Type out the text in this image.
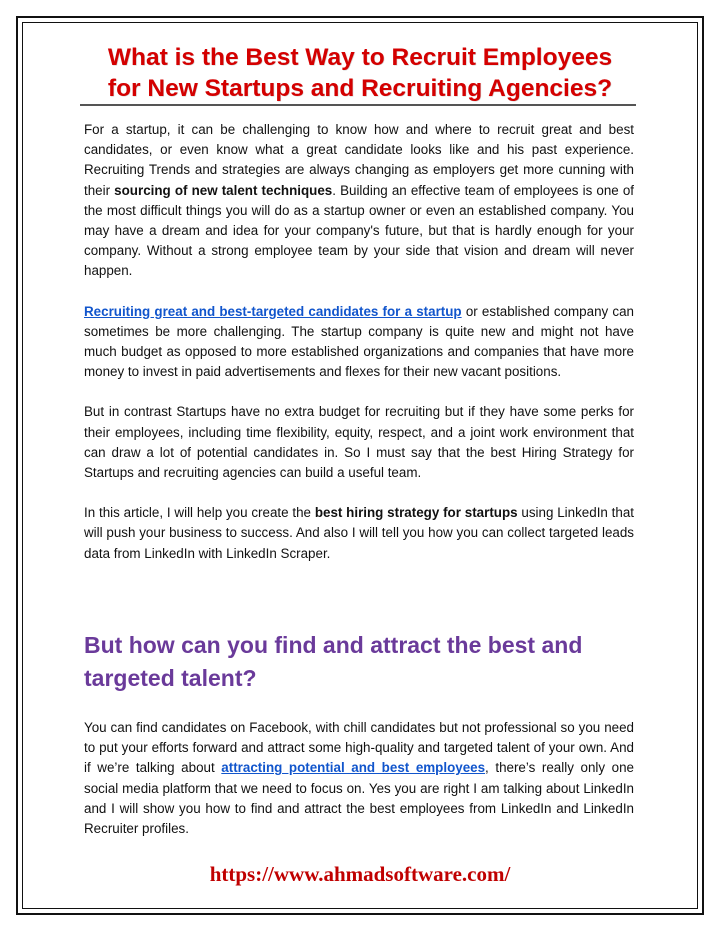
What is the Best Way to Recruit Employees
for New Startups and Recruiting Agencies?

For a startup, it can be challenging to know how and where to recruit great and best candidates, or even know what a great candidate looks like and his past experience. Recruiting Trends and strategies are always changing as employers get more cunning with their sourcing of new talent techniques. Building an effective team of employees is one of the most difficult things you will do as a startup owner or even an established company. You may have a dream and idea for your company's future, but that is hardly enough for your company. Without a strong employee team by your side that vision and dream will never happen.

Recruiting great and best-targeted candidates for a startup or established company can sometimes be more challenging. The startup company is quite new and might not have much budget as opposed to more established organizations and companies that have more money to invest in paid advertisements and flexes for their new vacant positions.

But in contrast Startups have no extra budget for recruiting but if they have some perks for their employees, including time flexibility, equity, respect, and a joint work environment that can draw a lot of potential candidates in. So I must say that the best Hiring Strategy for Startups and recruiting agencies can build a useful team.

In this article, I will help you create the best hiring strategy for startups using LinkedIn that will push your business to success. And also I will tell you how you can collect targeted leads data from LinkedIn with LinkedIn Scraper.

But how can you find and attract the best and targeted talent?

You can find candidates on Facebook, with chill candidates but not professional so you need to put your efforts forward and attract some high-quality and targeted talent of your own. And if we’re talking about attracting potential and best employees, there’s really only one social media platform that we need to focus on. Yes you are right I am talking about LinkedIn and I will show you how to find and attract the best employees from LinkedIn and LinkedIn Recruiter profiles.

https://www.ahmadsoftware.com/
